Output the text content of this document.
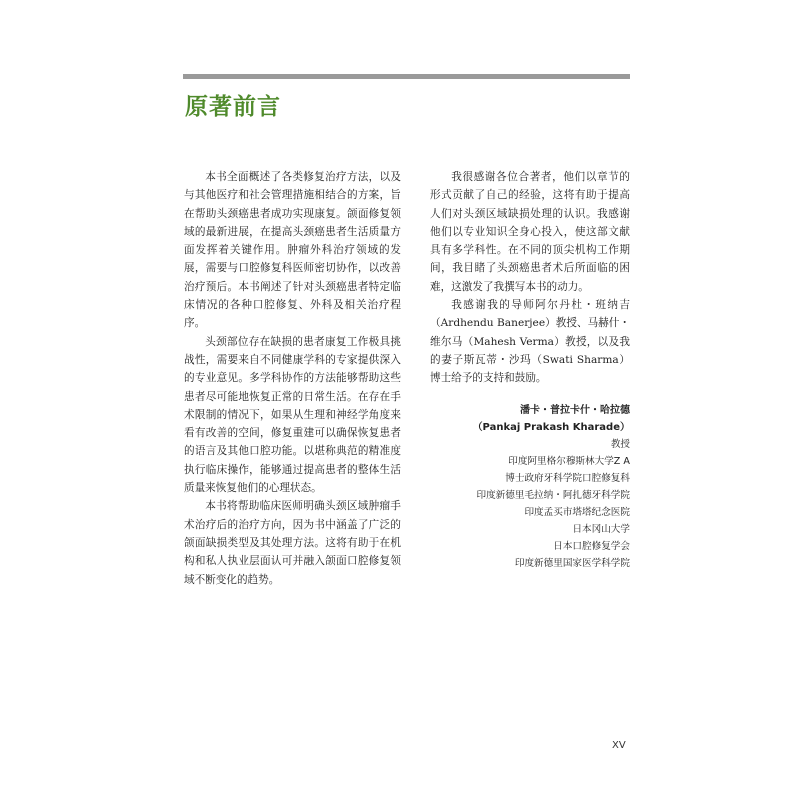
原著前言

本书全面概述了各类修复治疗方法，以及与其他医疗和社会管理措施相结合的方案，旨在帮助头颈癌患者成功实现康复。颌面修复领域的最新进展，在提高头颈癌患者生活质量方面发挥着关键作用。肿瘤外科治疗领域的发展，需要与口腔修复科医师密切协作，以改善治疗预后。本书阐述了针对头颈癌患者特定临床情况的各种口腔修复、外科及相关治疗程序。

头颈部位存在缺损的患者康复工作极具挑战性，需要来自不同健康学科的专家提供深入的专业意见。多学科协作的方法能够帮助这些患者尽可能地恢复正常的日常生活。在存在手术限制的情况下，如果从生理和神经学角度来看有改善的空间，修复重建可以确保恢复患者的语言及其他口腔功能。以堪称典范的精准度执行临床操作，能够通过提高患者的整体生活质量来恢复他们的心理状态。

本书将帮助临床医师明确头颈区域肿瘤手术治疗后的治疗方向，因为书中涵盖了广泛的颌面缺损类型及其处理方法。这将有助于在机构和私人执业层面认可并融入颌面口腔修复领域不断变化的趋势。

我很感谢各位合著者，他们以章节的形式贡献了自己的经验，这将有助于提高人们对头颈区域缺损处理的认识。我感谢他们以专业知识全身心投入，使这部文献具有多学科性。在不同的顶尖机构工作期间，我目睹了头颈癌患者术后所面临的困难，这激发了我撰写本书的动力。

我感谢我的导师阿尔丹杜・班纳吉（Ardhendu Banerjee）教授、马赫什・维尔马（Mahesh Verma）教授，以及我的妻子斯瓦蒂・沙玛（Swati Sharma）博士给予的支持和鼓励。

潘卡・普拉卡什・哈拉德
（Pankaj Prakash Kharade）
教授
印度阿里格尔穆斯林大学Z A
博士政府牙科学院口腔修复科
印度新德里毛拉纳・阿扎德牙科学院
印度孟买市塔塔纪念医院
日本冈山大学
日本口腔修复学会
印度新德里国家医学科学院
XV
